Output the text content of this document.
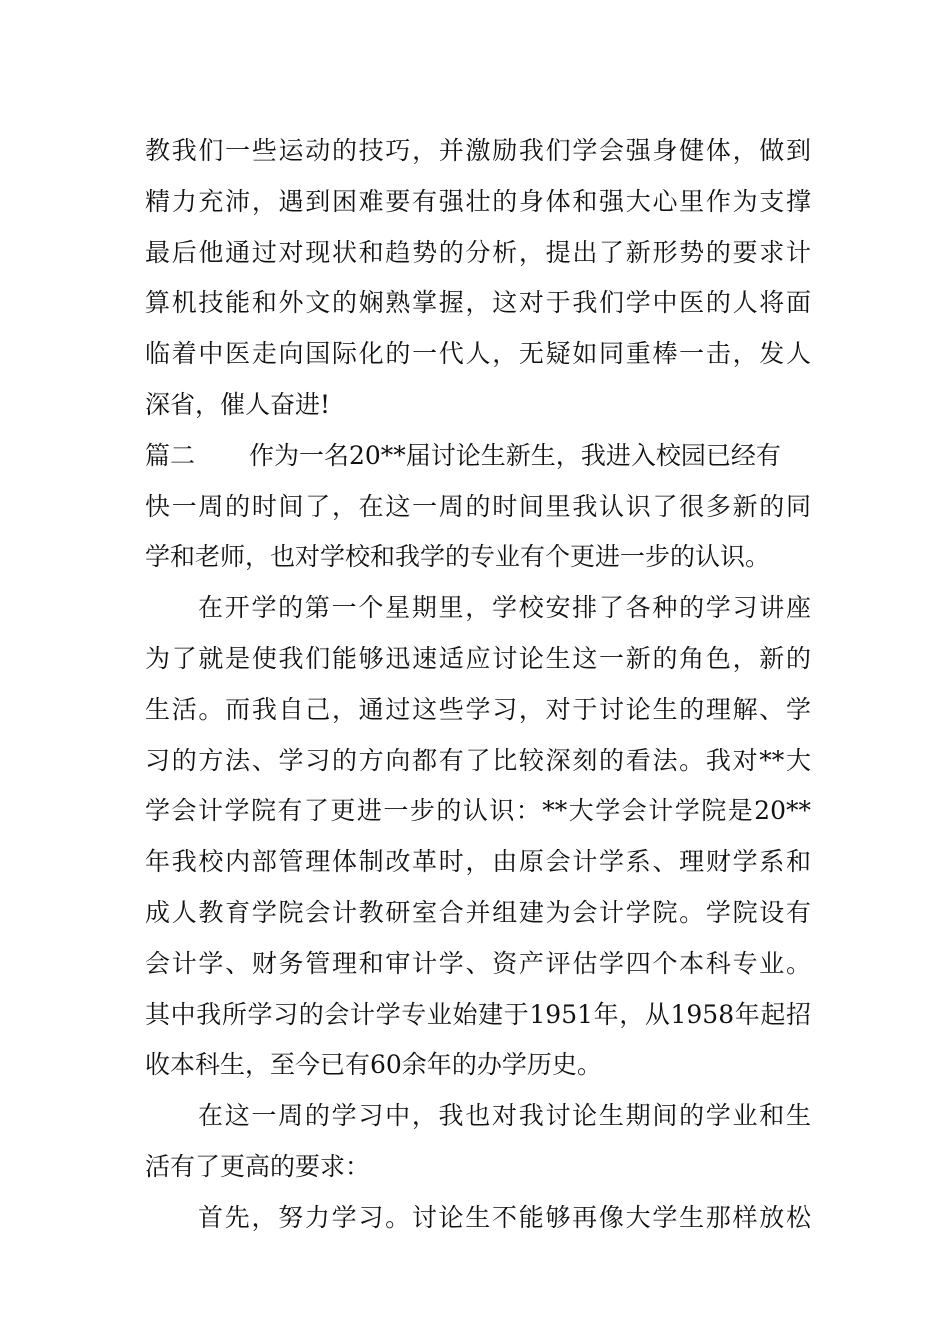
教我们一些运动的技巧，并激励我们学会强身健体，做到
精力充沛，遇到困难要有强壮的身体和强大心里作为支撑
最后他通过对现状和趋势的分析，提出了新形势的要求计
算机技能和外文的娴熟掌握，这对于我们学中医的人将面
临着中医走向国际化的一代人，无疑如同重棒一击，发人
深省，催人奋进!
篇二 作为一名20**届讨论生新生，我进入校园已经有
快一周的时间了，在这一周的时间里我认识了很多新的同
学和老师，也对学校和我学的专业有个更进一步的认识。
在开学的第一个星期里，学校安排了各种的学习讲座
为了就是使我们能够迅速适应讨论生这一新的角色，新的
生活。而我自己，通过这些学习，对于讨论生的理解、学
习的方法、学习的方向都有了比较深刻的看法。我对**大
学会计学院有了更进一步的认识：**大学会计学院是20**
年我校内部管理体制改革时，由原会计学系、理财学系和
成人教育学院会计教研室合并组建为会计学院。学院设有
会计学、财务管理和审计学、资产评估学四个本科专业。
其中我所学习的会计学专业始建于1951年，从1958年起招
收本科生，至今已有60余年的办学历史。
在这一周的学习中，我也对我讨论生期间的学业和生
活有了更高的要求：
首先，努力学习。讨论生不能够再像大学生那样放松
